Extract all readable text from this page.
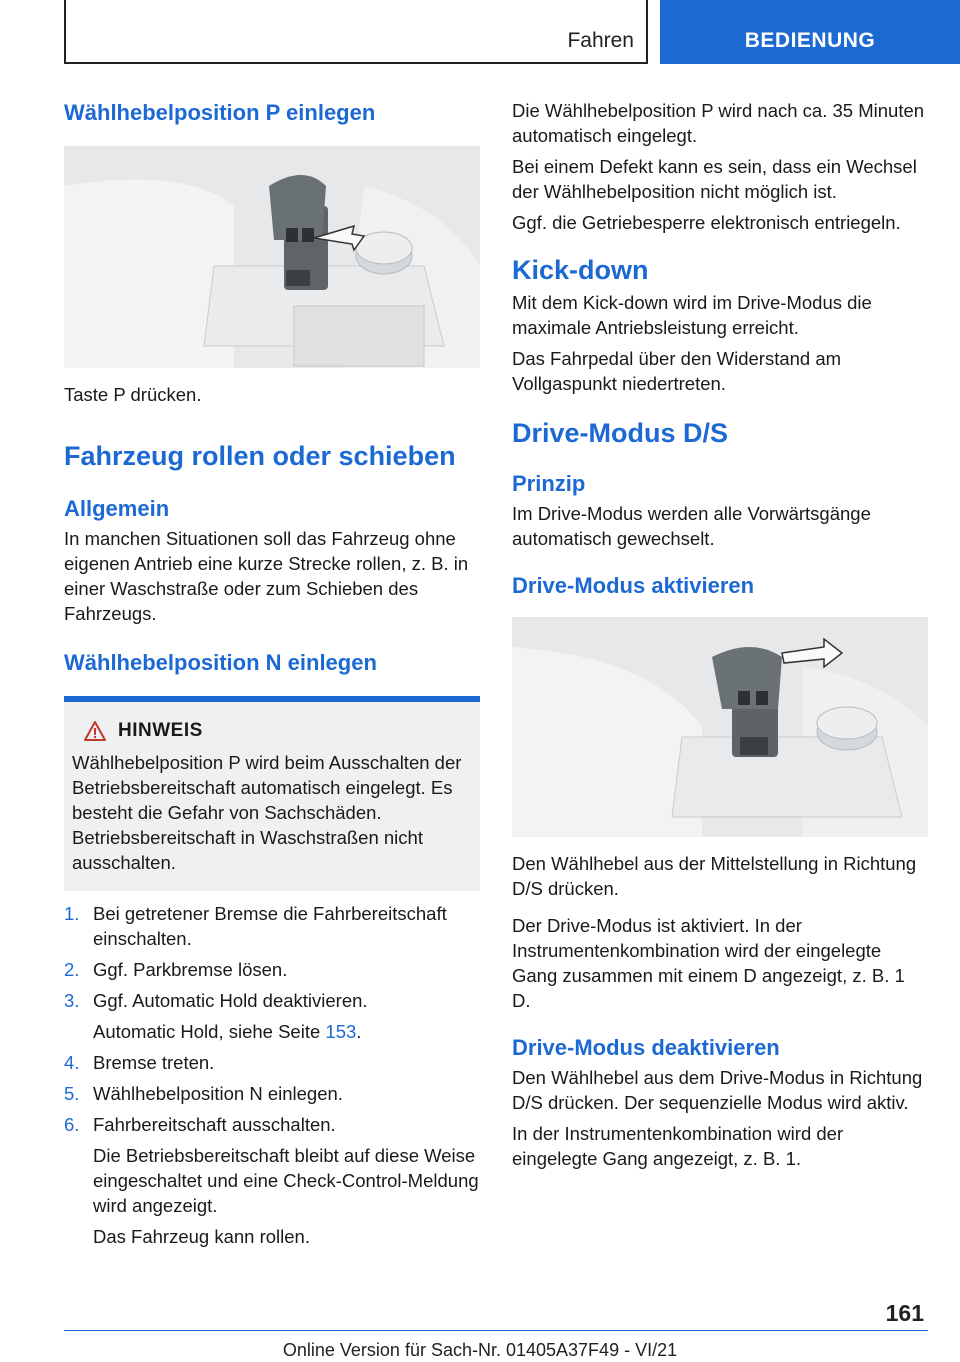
Fahren	BEDIENUNG
Wählhebelposition P einlegen

Taste P drücken.

Fahrzeug rollen oder schieben
Allgemein

In manchen Situationen soll das Fahrzeug ohne eigenen Antrieb eine kurze Strecke rollen, z. B. in einer Waschstraße oder zum Schieben des Fahrzeugs.

Wählhebelposition N einlegen
HINWEIS

Wählhebelposition P wird beim Ausschalten der Betriebsbereitschaft automatisch eingelegt. Es besteht die Gefahr von Sachschäden. Betriebsbereitschaft in Waschstraßen nicht ausschalten.

1. Bei getretener Bremse die Fahrbereitschaft einschalten.

2. Ggf. Parkbremse lösen.

3. Ggf. Automatic Hold deaktivieren.

Automatic Hold, siehe Seite 153.

4. Bremse treten.

5. Wählhebelposition N einlegen.

6. Fahrbereitschaft ausschalten.

Die Betriebsbereitschaft bleibt auf diese Weise eingeschaltet und eine Check-Control-Meldung wird angezeigt.

Das Fahrzeug kann rollen.

Die Wählhebelposition P wird nach ca. 35 Minuten automatisch eingelegt.

Bei einem Defekt kann es sein, dass ein Wechsel der Wählhebelposition nicht möglich ist.

Ggf. die Getriebesperre elektronisch entriegeln.

Kick-down

Mit dem Kick-down wird im Drive-Modus die maximale Antriebsleistung erreicht.

Das Fahrpedal über den Widerstand am Vollgaspunkt niedertreten.

Drive-Modus D/S
Prinzip

Im Drive-Modus werden alle Vorwärtsgänge automatisch gewechselt.

Drive-Modus aktivieren

Den Wählhebel aus der Mittelstellung in Richtung D/S drücken.

Der Drive-Modus ist aktiviert. In der Instrumentenkombination wird der eingelegte Gang zusammen mit einem D angezeigt, z. B. 1 D.

Drive-Modus deaktivieren

Den Wählhebel aus dem Drive-Modus in Richtung D/S drücken. Der sequenzielle Modus wird aktiv.

In der Instrumentenkombination wird der eingelegte Gang angezeigt, z. B. 1.

161
Online Version für Sach-Nr. 01405A37F49 - VI/21
